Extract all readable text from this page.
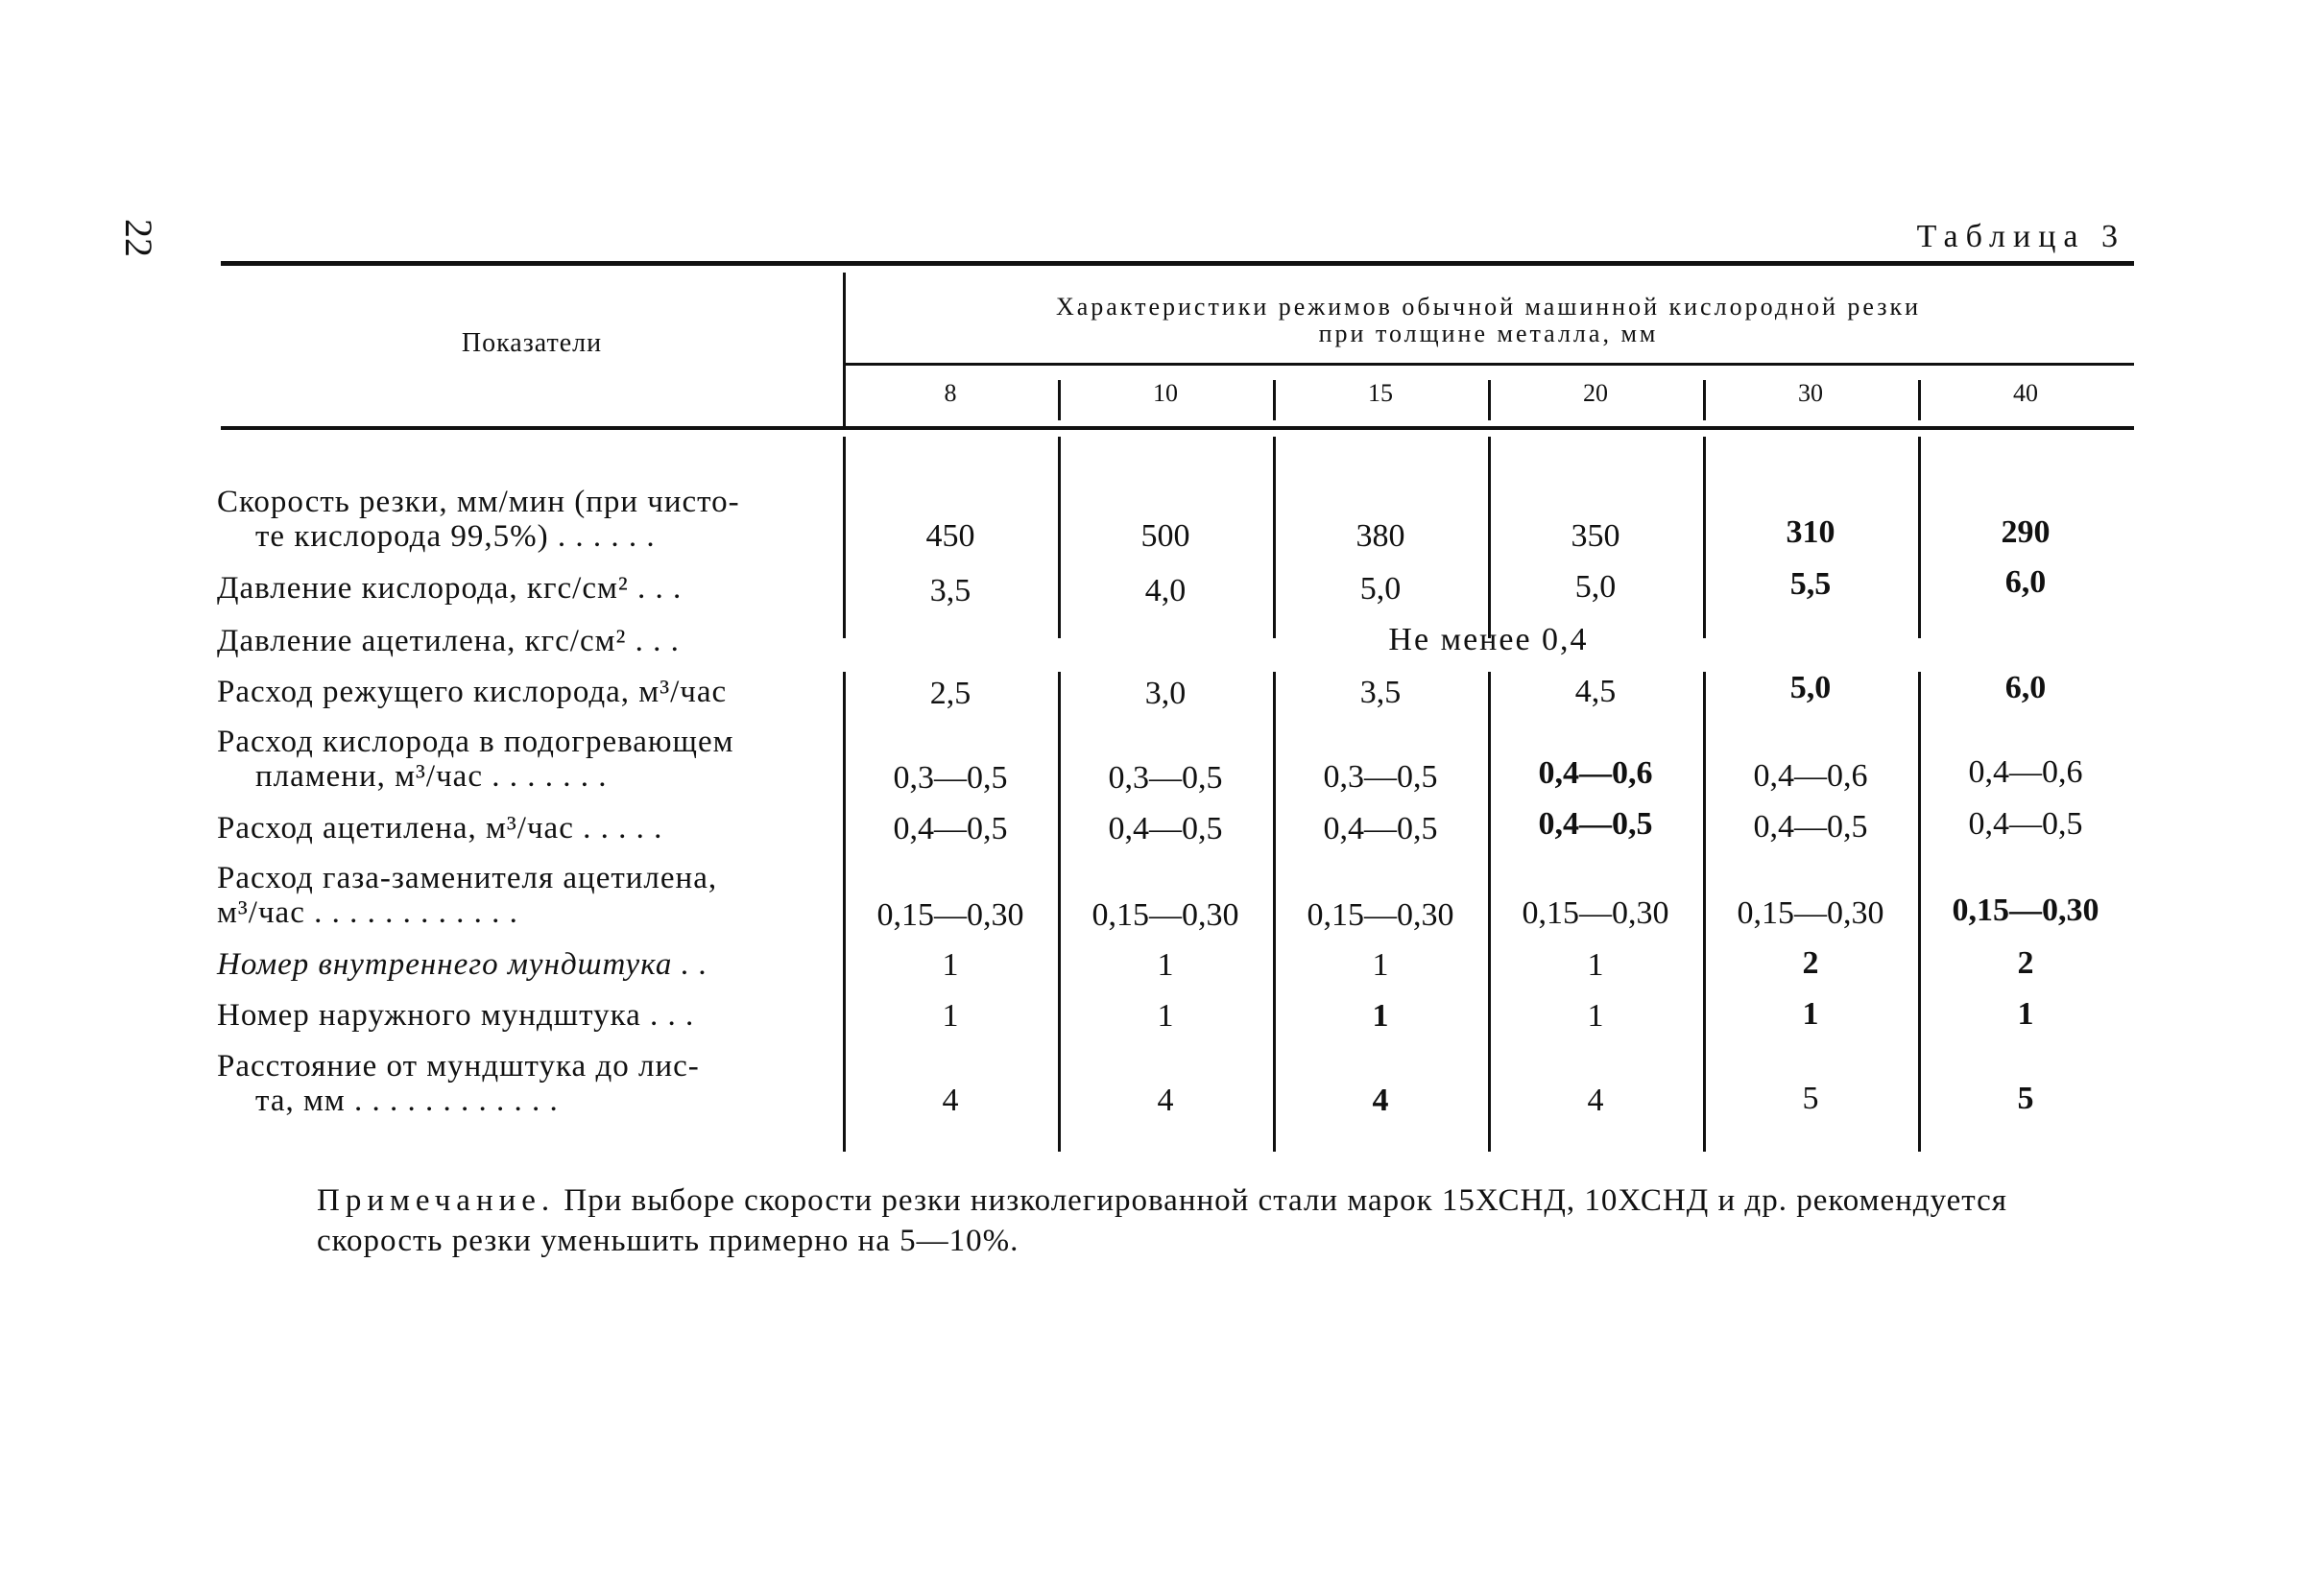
22	Таблица 3
Показатели
Характеристики режимов обычной машинной кислородной резки
при толщине металла, мм
8	10	15	20	30	40
Скорость резки, мм/мин (при чисто-
те кислорода 99,5%) . . . . . .	450	500	380	350	310	290
Давление кислорода, кгс/см² . . .	3,5	4,0	5,0	5,0	5,5	6,0
Давление ацетилена, кгс/см² . . .	Не менее 0,4
Расход режущего кислорода, м³/час	2,5	3,0	3,5	4,5	5,0	6,0
Расход кислорода в подогревающем
пламени, м³/час . . . . . . .	0,3—0,5	0,3—0,5	0,3—0,5	0,4—0,6	0,4—0,6	0,4—0,6
Расход ацетилена, м³/час . . . . .	0,4—0,5	0,4—0,5	0,4—0,5	0,4—0,5	0,4—0,5	0,4—0,5
Расход газа-заменителя ацетилена,
м³/час . . . . . . . . . . . .	0,15—0,30	0,15—0,30	0,15—0,30	0,15—0,30	0,15—0,30	0,15—0,30
Номер внутреннего мундштука . .	1	1	1	1	2	2
Номер наружного мундштука . . .	1	1	1	1	1	1
Расстояние от мундштука до лис-
та, мм . . . . . . . . . . . .	4	4	4	4	5	5
Примечание. При выборе скорости резки низколегированной стали марок 15ХСНД, 10ХСНД и др. рекомендуется скорость резки уменьшить примерно на 5—10%.
